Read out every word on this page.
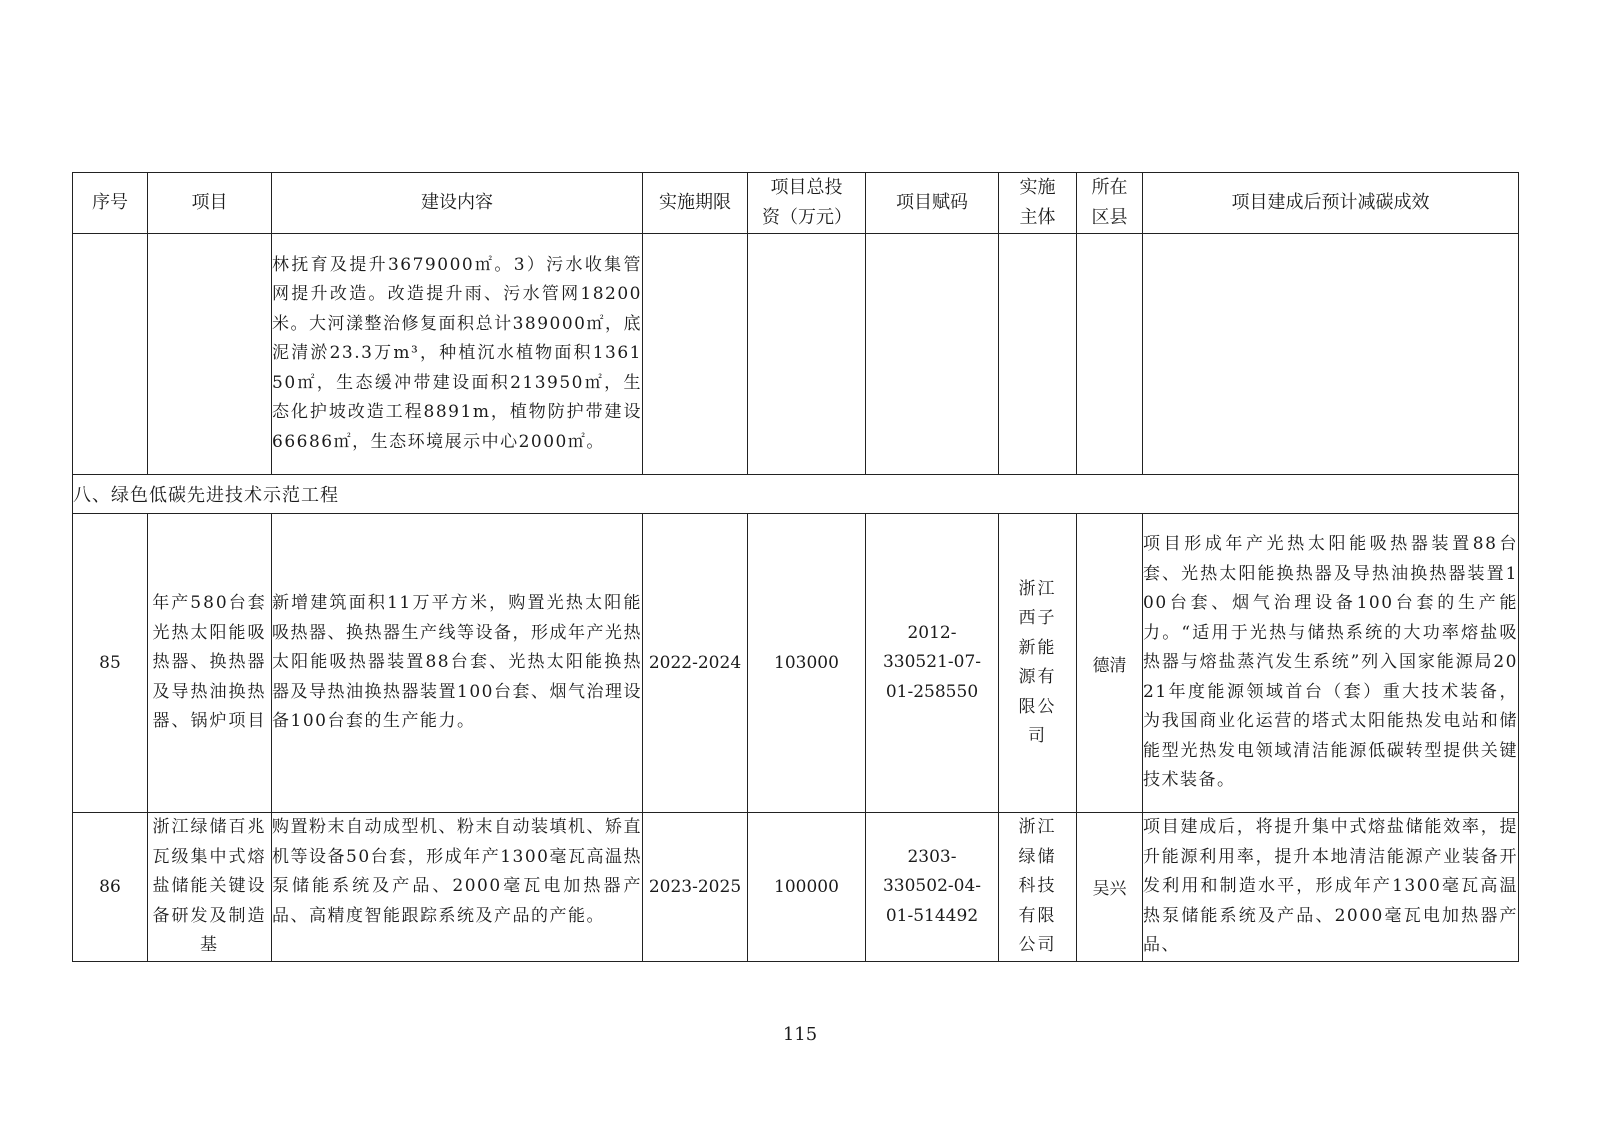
序号	项目	建设内容	实施期限	项目总投资（万元）	项目赋码	实施主体	所在区县	项目建成后预计减碳成效
		林抚育及提升3679000㎡。3）污水收集管网提升改造。改造提升雨、污水管网18200米。大河漾整治修复面积总计389000㎡，底泥清淤23.3万m³，种植沉水植物面积136150㎡，生态缓冲带建设面积213950㎡，生态化护坡改造工程8891m，植物防护带建设66686㎡，生态环境展示中心2000㎡。						
八、绿色低碳先进技术示范工程								
85	年产580台套光热太阳能吸热器、换热器及导热油换热器、锅炉项目	新增建筑面积11万平方米，购置光热太阳能吸热器、换热器生产线等设备，形成年产光热太阳能吸热器装置88台套、光热太阳能换热器及导热油换热器装置100台套、烟气治理设备100台套的生产能力。	2022-2024	103000	2012-330521-07-01-258550	浙江西子新能源有限公司	德清	项目形成年产光热太阳能吸热器装置88台套、光热太阳能换热器及导热油换热器装置100台套、烟气治理设备100台套的生产能力。“适用于光热与储热系统的大功率熔盐吸热器与熔盐蒸汽发生系统”列入国家能源局2021年度能源领域首台（套）重大技术装备，为我国商业化运营的塔式太阳能热发电站和储能型光热发电领域清洁能源低碳转型提供关键技术装备。
86	浙江绿储百兆瓦级集中式熔盐储能关键设备研发及制造基	购置粉末自动成型机、粉末自动装填机、矫直机等设备50台套，形成年产1300毫瓦高温热泵储能系统及产品、2000毫瓦电加热器产品、高精度智能跟踪系统及产品的产能。	2023-2025	100000	2303-330502-04-01-514492	浙江绿储科技有限公司	吴兴	项目建成后，将提升集中式熔盐储能效率，提升能源利用率，提升本地清洁能源产业装备开发利用和制造水平，形成年产1300毫瓦高温热泵储能系统及产品、2000毫瓦电加热器产品、
115
